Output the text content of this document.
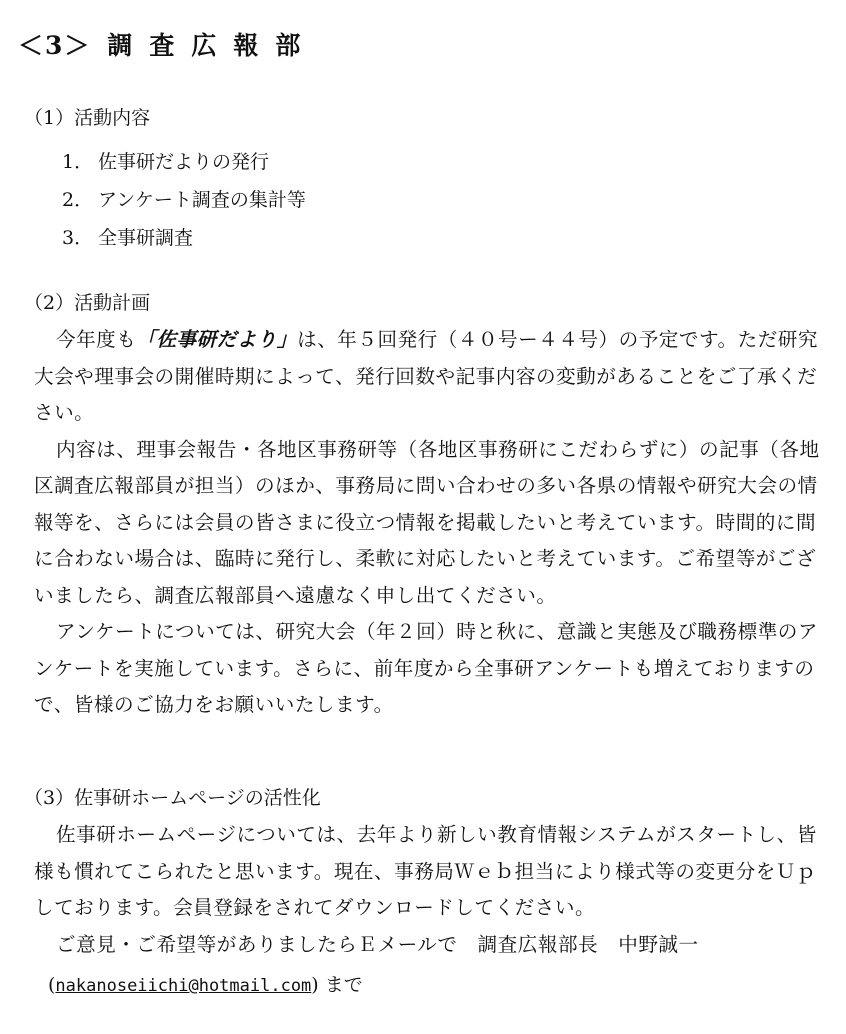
＜3＞ 調査広報部
（1）活動内容
1． 佐事研だよりの発行
2． アンケート調査の集計等
3． 全事研調査
（2）活動計画

今年度も「佐事研だより」は、年５回発行（４０号ー４４号）の予定です。ただ研究大会や理事会の開催時期によって、発行回数や記事内容の変動があることをご了承ください。

内容は、理事会報告・各地区事務研等（各地区事務研にこだわらずに）の記事（各地区調査広報部員が担当）のほか、事務局に問い合わせの多い各県の情報や研究大会の情報等を、さらには会員の皆さまに役立つ情報を掲載したいと考えています。時間的に間に合わない場合は、臨時に発行し、柔軟に対応したいと考えています。ご希望等がございましたら、調査広報部員へ遠慮なく申し出てください。

アンケートについては、研究大会（年２回）時と秋に、意識と実態及び職務標準のアンケートを実施しています。さらに、前年度から全事研アンケートも増えておりますので、皆様のご協力をお願いいたします。

（3）佐事研ホームページの活性化

佐事研ホームページについては、去年より新しい教育情報システムがスタートし、皆様も慣れてこられたと思います。現在、事務局Ｗｅｂ担当により様式等の変更分をＵｐしております。会員登録をされてダウンロードしてください。

ご意見・ご希望等がありましたらＥメールで　調査広報部長　中野誠一

(nakanoseiichi@hotmail.com) まで
